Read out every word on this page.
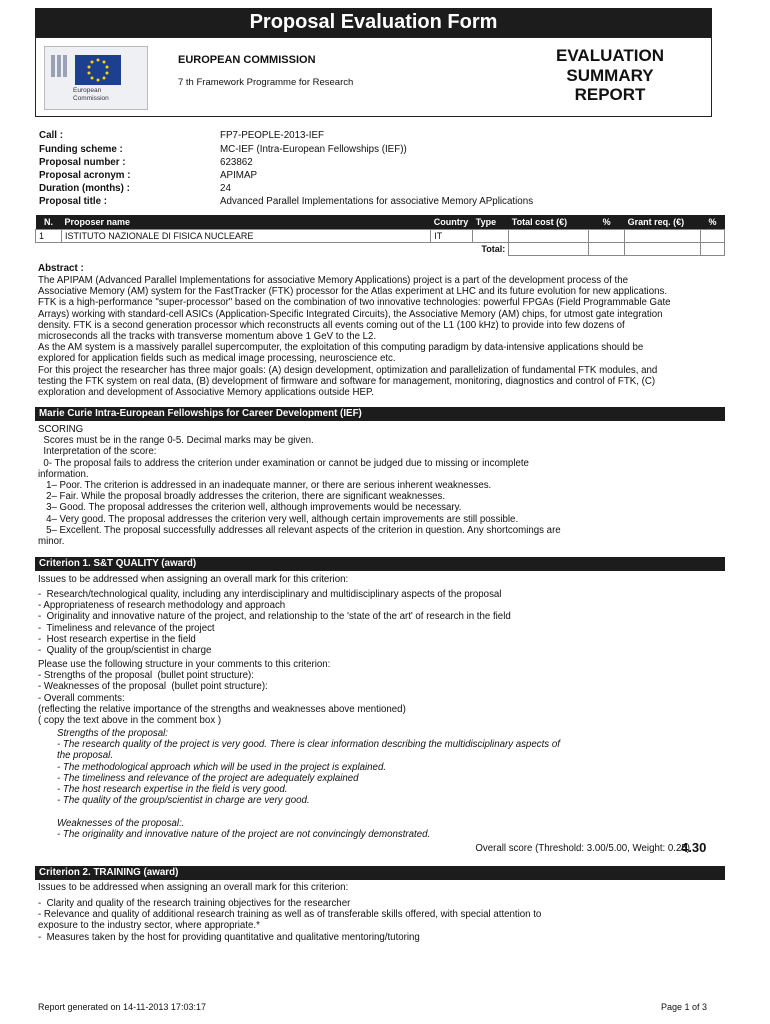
Proposal Evaluation Form
European
Commission
EUROPEAN COMMISSION
7 th Framework Programme for Research
EVALUATION
SUMMARY
REPORT
Call :	FP7-PEOPLE-2013-IEF
Funding scheme :	MC-IEF (Intra-European Fellowships (IEF))
Proposal number :	623862
Proposal acronym :	APIMAP
Duration (months) :	24
Proposal title :	Advanced Parallel Implementations for associative Memory APplications
N.	Proposer name	Country	Type	Total cost (€)	%	Grant req. (€)	%
1	ISTITUTO NAZIONALE DI FISICA NUCLEARE	IT					
	Total:						
Abstract :
The APIPAM (Advanced Parallel Implementations for associative Memory Applications) project is a part of the development process of the
Associative Memory (AM) system for the FastTracker (FTK) processor for the Atlas experiment at LHC and its future evolution for new applications.
FTK is a high-performance "super-processor" based on the combination of two innovative technologies: powerful FPGAs (Field Programmable Gate
Arrays) working with standard-cell ASICs (Application-Specific Integrated Circuits), the Associative Memory (AM) chips, for utmost gate integration
density. FTK is a second generation processor which reconstructs all events coming out of the L1 (100 kHz) to provide into few dozens of
microseconds all the tracks with transverse momentum above 1 GeV to the L2.
As the AM system is a massively parallel supercomputer, the exploitation of this computing paradigm by data-intensive applications should be
explored for application fields such as medical image processing, neuroscience etc.
For this project the researcher has three major goals: (A) design development, optimization and parallelization of fundamental FTK modules, and
testing the FTK system on real data, (B) development of firmware and software for management, monitoring, diagnostics and control of FTK, (C)
exploration and development of Associative Memory applications outside HEP.
Marie Curie Intra-European Fellowships for Career Development (IEF)
SCORING
Scores must be in the range 0-5. Decimal marks may be given.
Interpretation of the score:
0- The proposal fails to address the criterion under examination or cannot be judged due to missing or incomplete
information.
1– Poor. The criterion is addressed in an inadequate manner, or there are serious inherent weaknesses.
2– Fair. While the proposal broadly addresses the criterion, there are significant weaknesses.
3– Good. The proposal addresses the criterion well, although improvements would be necessary.
4– Very good. The proposal addresses the criterion very well, although certain improvements are still possible.
5– Excellent. The proposal successfully addresses all relevant aspects of the criterion in question. Any shortcomings are
minor.
Criterion 1. S&T QUALITY (award)
Issues to be addressed when assigning an overall mark for this criterion:
-  Research/technological quality, including any interdisciplinary and multidisciplinary aspects of the proposal
- Appropriateness of research methodology and approach
-  Originality and innovative nature of the project, and relationship to the 'state of the art' of research in the field
-  Timeliness and relevance of the project
-  Host research expertise in the field
-  Quality of the group/scientist in charge
Please use the following structure in your comments to this criterion:
- Strengths of the proposal  (bullet point structure):
- Weaknesses of the proposal  (bullet point structure):
- Overall comments:
(reflecting the relative importance of the strengths and weaknesses above mentioned)
( copy the text above in the comment box )
Strengths of the proposal:
- The research quality of the project is very good. There is clear information describing the multidisciplinary aspects of
the proposal.
- The methodological approach which will be used in the project is explained.
- The timeliness and relevance of the project are adequately explained
- The host research expertise in the field is very good.
- The quality of the group/scientist in charge are very good.
Weaknesses of the proposal:.
- The originality and innovative nature of the project are not convincingly demonstrated.
Overall score (Threshold: 3.00/5.00, Weight: 0.25)
4.30
Criterion 2. TRAINING (award)
Issues to be addressed when assigning an overall mark for this criterion:
-  Clarity and quality of the research training objectives for the researcher
- Relevance and quality of additional research training as well as of transferable skills offered, with special attention to
exposure to the industry sector, where appropriate.*
-  Measures taken by the host for providing quantitative and qualitative mentoring/tutoring
Report generated on 14-11-2013 17:03:17	Page 1 of 3
